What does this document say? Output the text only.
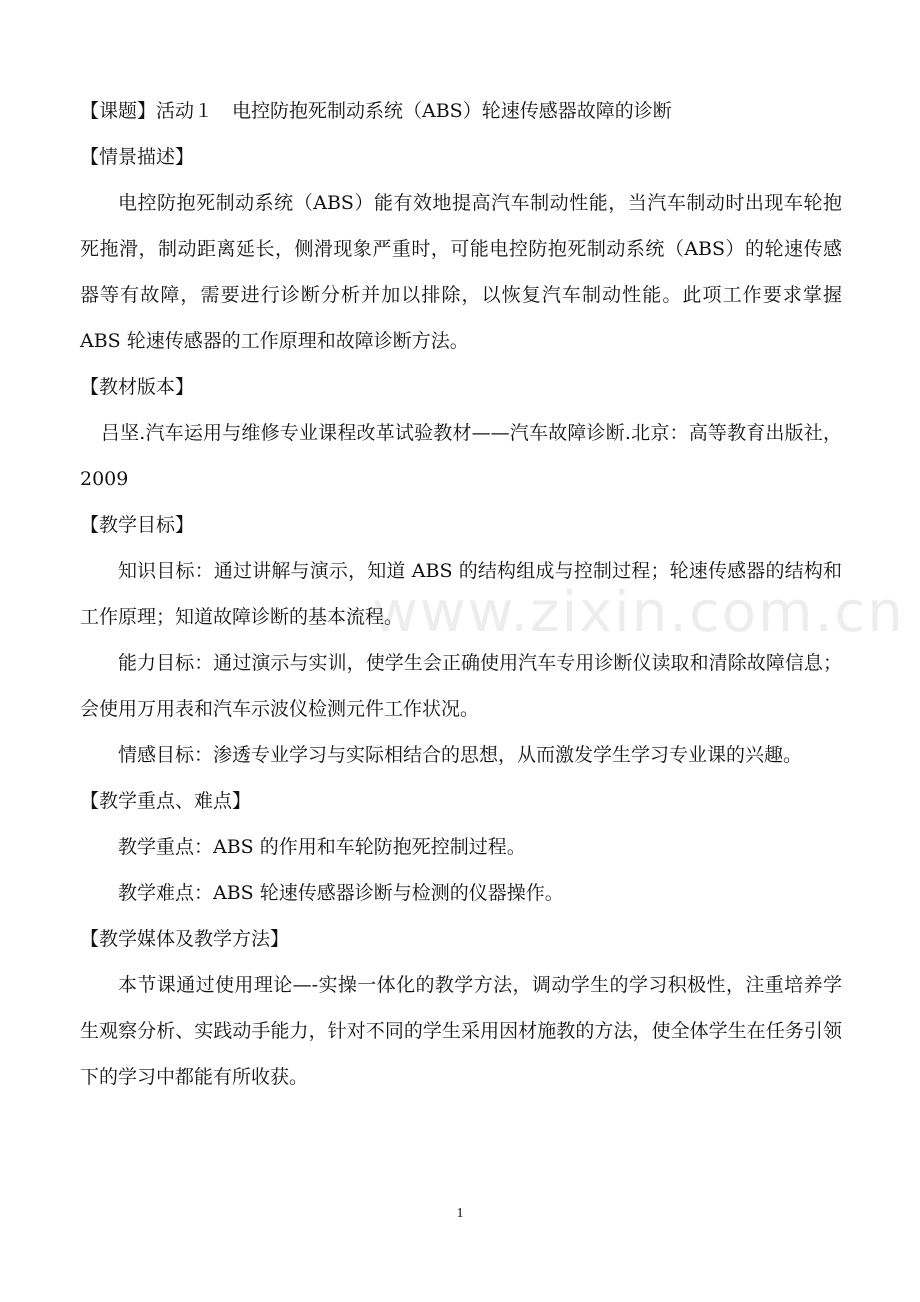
www.zixin.com.cn

【课题】活动１　电控防抱死制动系统（ABS）轮速传感器故障的诊断

【情景描述】

电控防抱死制动系统（ABS）能有效地提高汽车制动性能，当汽车制动时出现车轮抱死拖滑，制动距离延长，侧滑现象严重时，可能电控防抱死制动系统（ABS）的轮速传感器等有故障，需要进行诊断分析并加以排除，以恢复汽车制动性能。此项工作要求掌握 ABS 轮速传感器的工作原理和故障诊断方法。

【教材版本】

吕坚.汽车运用与维修专业课程改革试验教材——汽车故障诊断.北京：高等教育出版社，2009

【教学目标】

知识目标：通过讲解与演示，知道 ABS 的结构组成与控制过程；轮速传感器的结构和工作原理；知道故障诊断的基本流程。

能力目标：通过演示与实训，使学生会正确使用汽车专用诊断仪读取和清除故障信息；会使用万用表和汽车示波仪检测元件工作状况。

情感目标：渗透专业学习与实际相结合的思想，从而激发学生学习专业课的兴趣。

【教学重点、难点】

教学重点：ABS 的作用和车轮防抱死控制过程。

教学难点：ABS 轮速传感器诊断与检测的仪器操作。

【教学媒体及教学方法】

本节课通过使用理论—-实操一体化的教学方法，调动学生的学习积极性，注重培养学生观察分析、实践动手能力，针对不同的学生采用因材施教的方法，使全体学生在任务引领下的学习中都能有所收获。

1
